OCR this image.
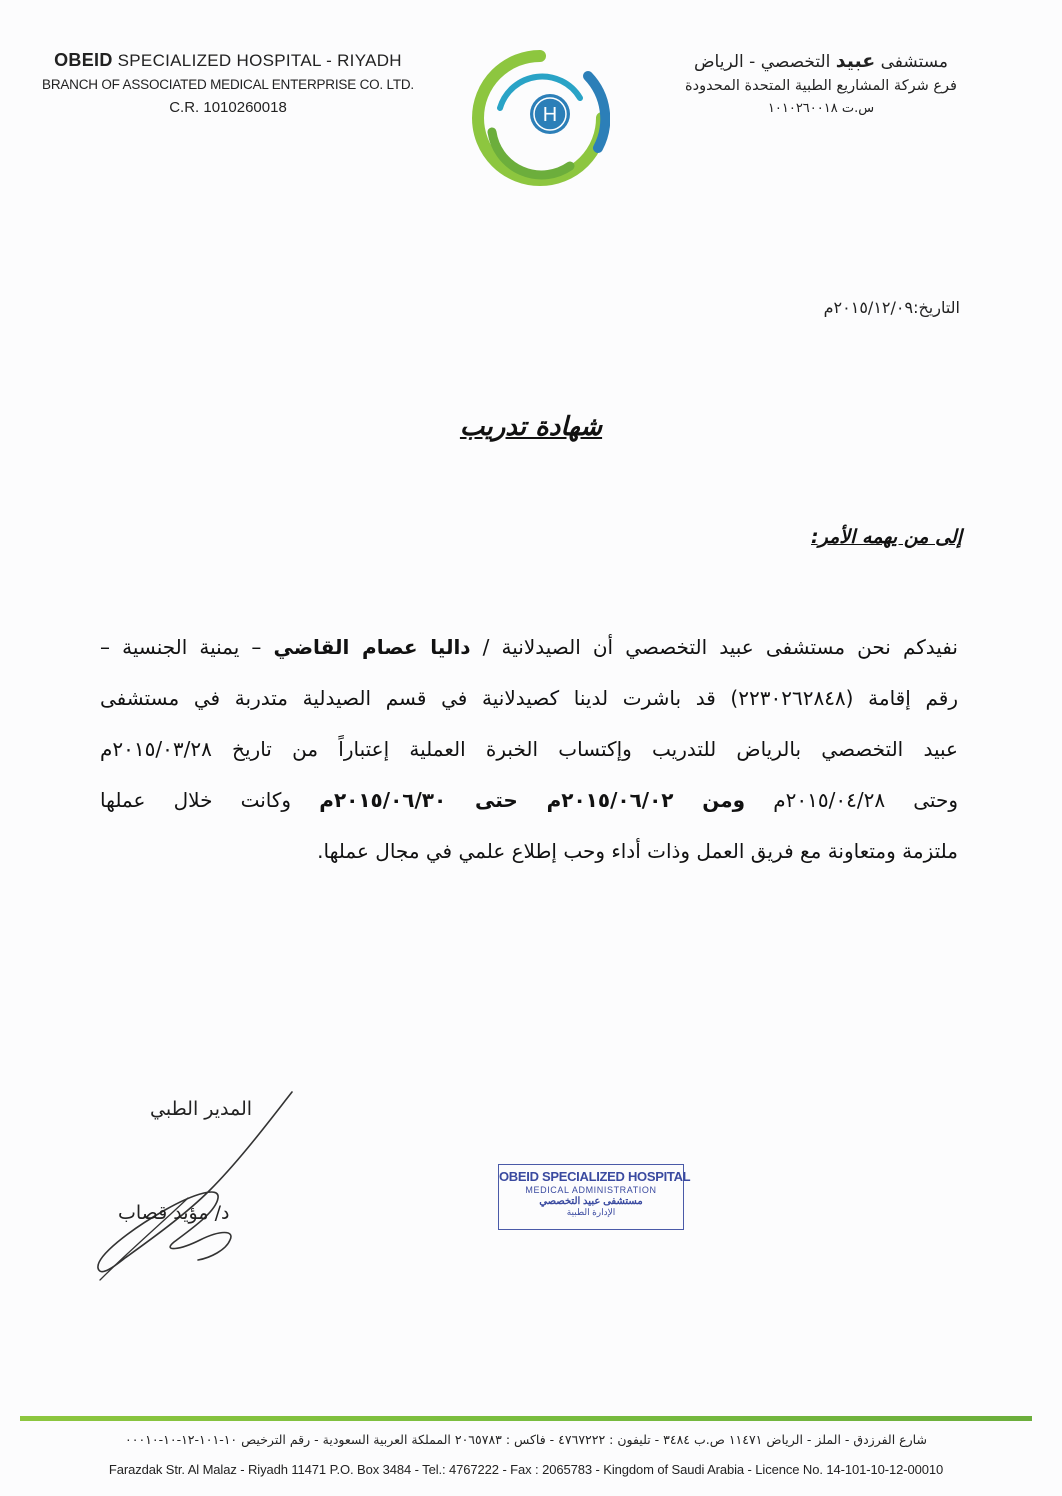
OBEID SPECIALIZED HOSPITAL - RIYADH
BRANCH OF ASSOCIATED MEDICAL ENTERPRISE CO. LTD.
C.R. 1010260018	H
مستشفى عبيد التخصصي - الرياض
فرع شركة المشاريع الطبية المتحدة المحدودة
س.ت ١٠١٠٢٦٠٠١٨
التاريخ:٢٠١٥/١٢/٠٩م
شهادة تدريب
إلى من يهمه الأمر:

نفيدكم نحن مستشفى عبيد التخصصي أن الصيدلانية / داليا عصام القاضي – يمنية الجنسية –

رقم إقامة (٢٢٣٠٢٦٢٨٤٨) قد باشرت لدينا كصيدلانية في قسم الصيدلية متدربة في مستشفى

عبيد التخصصي بالرياض للتدريب وإكتساب الخبرة العملية إعتباراً من تاريخ ٢٠١٥/٠٣/٢٨م

وحتى ٢٠١٥/٠٤/٢٨م ومن ٢٠١٥/٠٦/٠٢م حتى ٢٠١٥/٠٦/٣٠م وكانت خلال عملها

ملتزمة ومتعاونة مع فريق العمل وذات أداء وحب إطلاع علمي في مجال عملها.

المدير الطبي
د/ مؤيد قصاب
OBEID SPECIALIZED HOSPITAL
MEDICAL ADMINISTRATION
مستشفى عبيد التخصصي
الإدارة الطبية
شارع الفرزدق - الملز - الرياض ١١٤٧١ ص.ب ٣٤٨٤ - تليفون : ٤٧٦٧٢٢٢ - فاكس : ٢٠٦٥٧٨٣ المملكة العربية السعودية - رقم الترخيص ١٠-١٠١-١٢-١٠-٠٠٠١٠
Farazdak Str. Al Malaz - Riyadh 11471 P.O. Box 3484 - Tel.: 4767222 - Fax : 2065783 - Kingdom of Saudi Arabia - Licence No. 14-101-10-12-00010
